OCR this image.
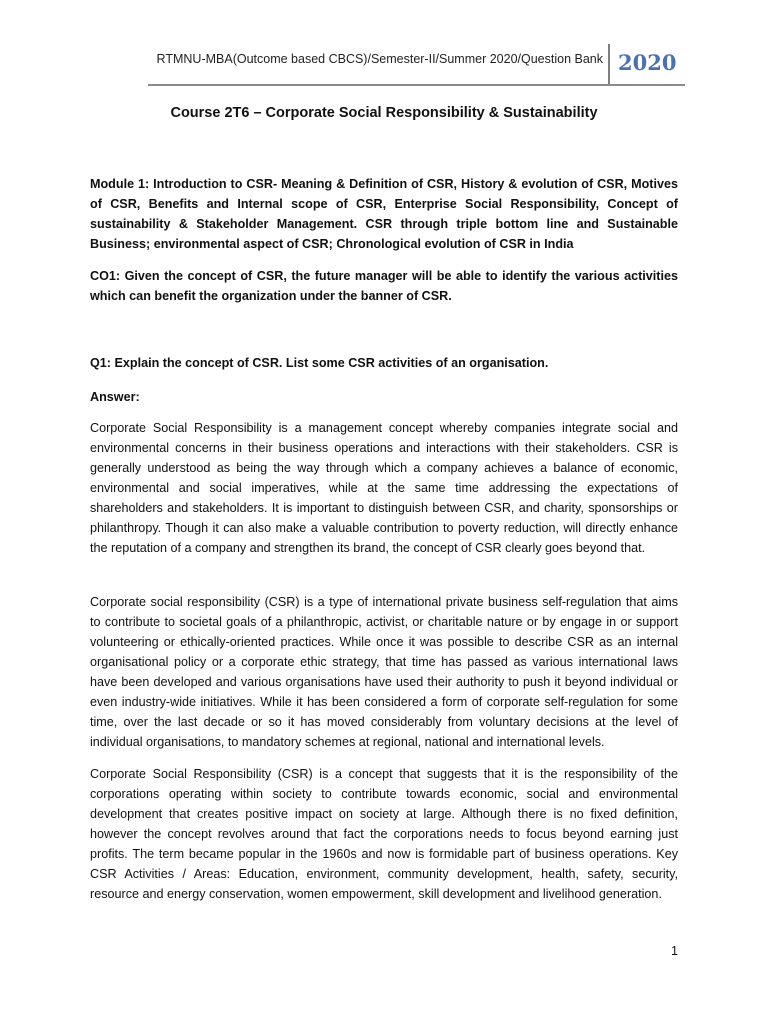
RTMNU-MBA(Outcome based CBCS)/Semester-II/Summer 2020/Question Bank 2020
Course 2T6 – Corporate Social Responsibility & Sustainability

Module 1: Introduction to CSR- Meaning & Definition of CSR, History & evolution of CSR, Motives of CSR, Benefits and Internal scope of CSR, Enterprise Social Responsibility, Concept of sustainability & Stakeholder Management. CSR through triple bottom line and Sustainable Business; environmental aspect of CSR; Chronological evolution of CSR in India

CO1: Given the concept of CSR, the future manager will be able to identify the various activities which can benefit the organization under the banner of CSR.

Q1: Explain the concept of CSR. List some CSR activities of an organisation.

Answer:

Corporate Social Responsibility is a management concept whereby companies integrate social and environmental concerns in their business operations and interactions with their stakeholders. CSR is generally understood as being the way through which a company achieves a balance of economic, environmental and social imperatives, while at the same time addressing the expectations of shareholders and stakeholders. It is important to distinguish between CSR, and charity, sponsorships or philanthropy. Though it can also make a valuable contribution to poverty reduction, will directly enhance the reputation of a company and strengthen its brand, the concept of CSR clearly goes beyond that.

Corporate social responsibility (CSR) is a type of international private business self-regulation that aims to contribute to societal goals of a philanthropic, activist, or charitable nature or by engage in or support volunteering or ethically-oriented practices. While once it was possible to describe CSR as an internal organisational policy or a corporate ethic strategy, that time has passed as various international laws have been developed and various organisations have used their authority to push it beyond individual or even industry-wide initiatives. While it has been considered a form of corporate self-regulation for some time, over the last decade or so it has moved considerably from voluntary decisions at the level of individual organisations, to mandatory schemes at regional, national and international levels.

Corporate Social Responsibility (CSR) is a concept that suggests that it is the responsibility of the corporations operating within society to contribute towards economic, social and environmental development that creates positive impact on society at large. Although there is no fixed definition, however the concept revolves around that fact the corporations needs to focus beyond earning just profits. The term became popular in the 1960s and now is formidable part of business operations. Key CSR Activities / Areas: Education, environment, community development, health, safety, security, resource and energy conservation, women empowerment, skill development and livelihood generation.

1
